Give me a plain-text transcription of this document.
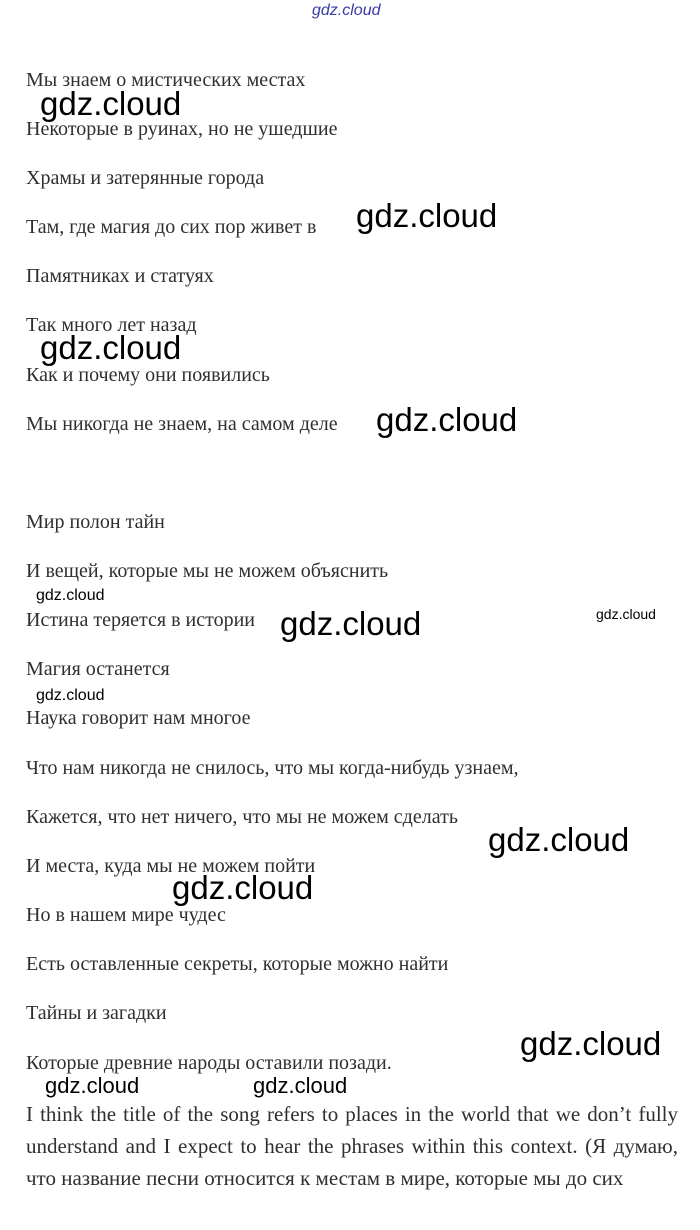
gdz.cloud
Мы знаем о мистических местах
Некоторые в руинах, но не ушедшие
Храмы и затерянные города
Там, где магия до сих пор живет в
Памятниках и статуях
Так много лет назад
Как и почему они появились
Мы никогда не знаем, на самом деле
Мир полон тайн
И вещей, которые мы не можем объяснить
Истина теряется в истории
Магия останется
Наука говорит нам многое
Что нам никогда не снилось, что мы когда-нибудь узнаем,
Кажется, что нет ничего, что мы не можем сделать
И места, куда мы не можем пойти
Но в нашем мире чудес
Есть оставленные секреты, которые можно найти
Тайны и загадки
Которые древние народы оставили позади.
I think the title of the song refers to places in the world that we don’t fully understand and I expect to hear the phrases within this context. (Я думаю, что название песни относится к местам в мире, которые мы до сих
gdz.cloud
gdz.cloud
gdz.cloud
gdz.cloud
gdz.cloud
gdz.cloud	gdz.cloud
gdz.cloud
gdz.cloud
gdz.cloud
gdz.cloud
gdz.cloud	gdz.cloud
